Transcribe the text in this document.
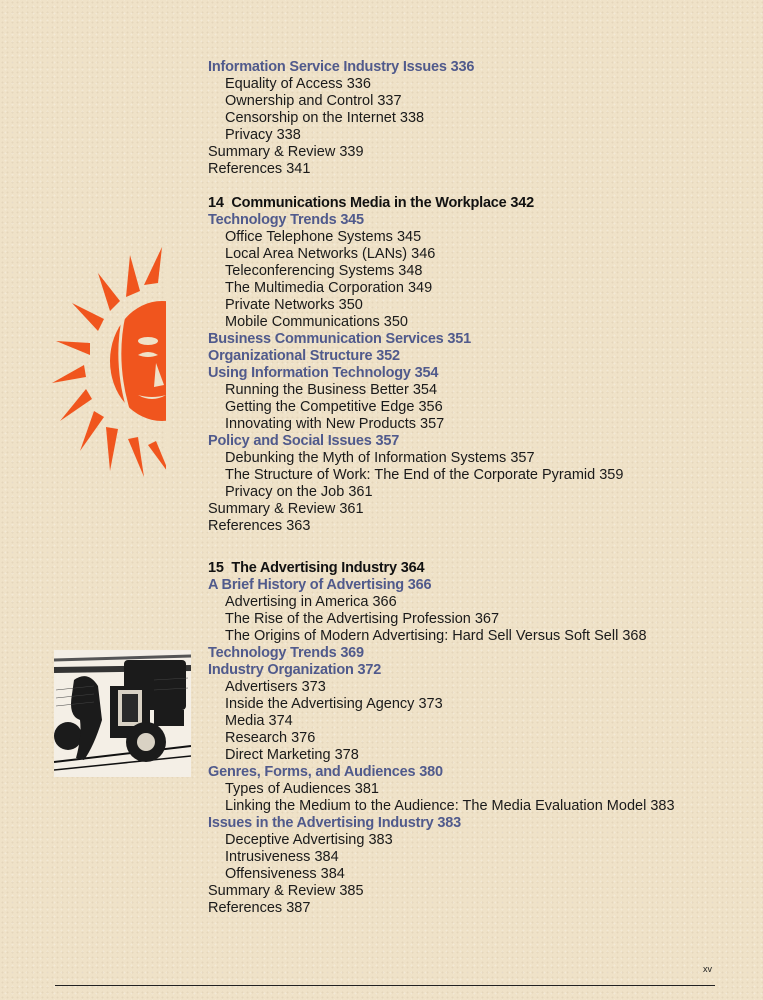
Information Service Industry Issues 336
Equality of Access 336
Ownership and Control 337
Censorship on the Internet 338
Privacy 338
Summary & Review 339
References 341
14 Communications Media in the Workplace 342
Technology Trends 345
Office Telephone Systems 345
Local Area Networks (LANs) 346
Teleconferencing Systems 348
The Multimedia Corporation 349
Private Networks 350
Mobile Communications 350
Business Communication Services 351
Organizational Structure 352
Using Information Technology 354
Running the Business Better 354
Getting the Competitive Edge 356
Innovating with New Products 357
Policy and Social Issues 357
Debunking the Myth of Information Systems 357
The Structure of Work: The End of the Corporate Pyramid 359
Privacy on the Job 361
Summary & Review 361
References 363
15 The Advertising Industry 364
A Brief History of Advertising 366
Advertising in America 366
The Rise of the Advertising Profession 367
The Origins of Modern Advertising: Hard Sell Versus Soft Sell 368
Technology Trends 369
Industry Organization 372
Advertisers 373
Inside the Advertising Agency 373
Media 374
Research 376
Direct Marketing 378
Genres, Forms, and Audiences 380
Types of Audiences 381
Linking the Medium to the Audience: The Media Evaluation Model 383
Issues in the Advertising Industry 383
Deceptive Advertising 383
Intrusiveness 384
Offensiveness 384
Summary & Review 385
References 387
xv
